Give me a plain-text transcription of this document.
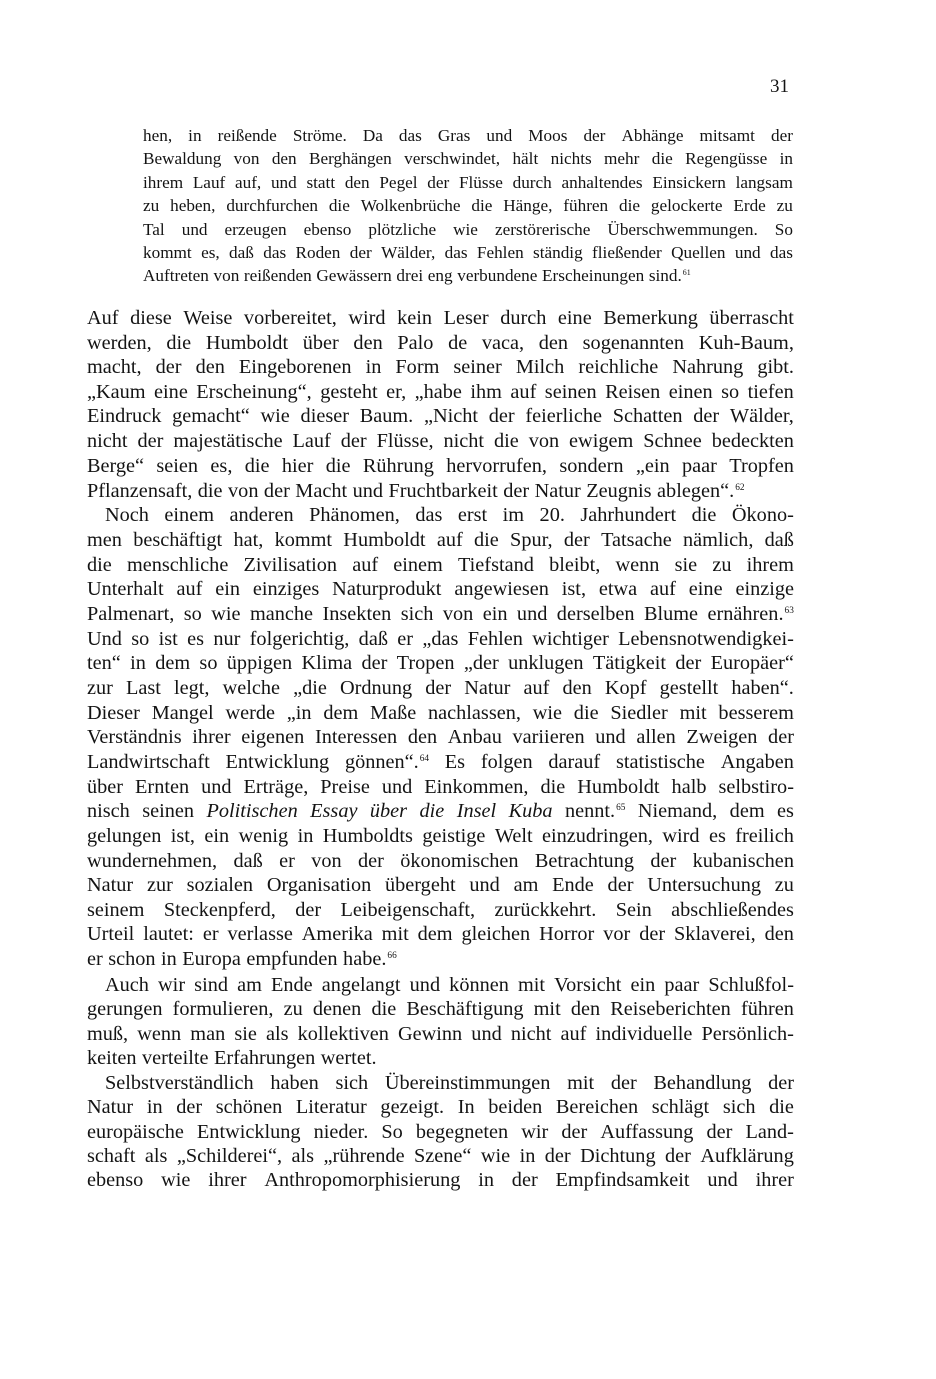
31
hen, in reißende Ströme. Da das Gras und Moos der Abhänge mitsamt der
Bewaldung von den Berghängen verschwindet, hält nichts mehr die Regengüsse in
ihrem Lauf auf, und statt den Pegel der Flüsse durch anhaltendes Einsickern langsam
zu heben, durchfurchen die Wolkenbrüche die Hänge, führen die gelockerte Erde zu
Tal und erzeugen ebenso plötzliche wie zerstörerische Überschwemmungen. So
kommt es, daß das Roden der Wälder, das Fehlen ständig fließender Quellen und das
Auftreten von reißenden Gewässern drei eng verbundene Erscheinungen sind.$^{61}$
Auf diese Weise vorbereitet, wird kein Leser durch eine Bemerkung überrascht
werden, die Humboldt über den Palo de vaca, den sogenannten Kuh-Baum,
macht, der den Eingeborenen in Form seiner Milch reichliche Nahrung gibt.
„Kaum eine Erscheinung“, gesteht er, „habe ihm auf seinen Reisen einen so tiefen
Eindruck gemacht“ wie dieser Baum. „Nicht der feierliche Schatten der Wälder,
nicht der majestätische Lauf der Flüsse, nicht die von ewigem Schnee bedeckten
Berge“ seien es, die hier die Rührung hervorrufen, sondern „ein paar Tropfen
Pflanzensaft, die von der Macht und Fruchtbarkeit der Natur Zeugnis ablegen“.$^{62}$
Noch einem anderen Phänomen, das erst im 20. Jahrhundert die Ökono-
men beschäftigt hat, kommt Humboldt auf die Spur, der Tatsache nämlich, daß
die menschliche Zivilisation auf einem Tiefstand bleibt, wenn sie zu ihrem
Unterhalt auf ein einziges Naturprodukt angewiesen ist, etwa auf eine einzige
Palmenart, so wie manche Insekten sich von ein und derselben Blume ernähren.$^{63}$
Und so ist es nur folgerichtig, daß er „das Fehlen wichtiger Lebensnotwendigkei-
ten“ in dem so üppigen Klima der Tropen „der unklugen Tätigkeit der Europäer“
zur Last legt, welche „die Ordnung der Natur auf den Kopf gestellt haben“.
Dieser Mangel werde „in dem Maße nachlassen, wie die Siedler mit besserem
Verständnis ihrer eigenen Interessen den Anbau variieren und allen Zweigen der
Landwirtschaft Entwicklung gönnen“.$^{64}$ Es folgen darauf statistische Angaben
über Ernten und Erträge, Preise und Einkommen, die Humboldt halb selbstiro-
nisch seinen Politischen Essay über die Insel Kuba nennt.$^{65}$ Niemand, dem es
gelungen ist, ein wenig in Humboldts geistige Welt einzudringen, wird es freilich
wundernehmen, daß er von der ökonomischen Betrachtung der kubanischen
Natur zur sozialen Organisation übergeht und am Ende der Untersuchung zu
seinem Steckenpferd, der Leibeigenschaft, zurückkehrt. Sein abschließendes
Urteil lautet: er verlasse Amerika mit dem gleichen Horror vor der Sklaverei, den
er schon in Europa empfunden habe.$^{66}$
Auch wir sind am Ende angelangt und können mit Vorsicht ein paar Schlußfol-
gerungen formulieren, zu denen die Beschäftigung mit den Reiseberichten führen
muß, wenn man sie als kollektiven Gewinn und nicht auf individuelle Persönlich-
keiten verteilte Erfahrungen wertet.
Selbstverständlich haben sich Übereinstimmungen mit der Behandlung der
Natur in der schönen Literatur gezeigt. In beiden Bereichen schlägt sich die
europäische Entwicklung nieder. So begegneten wir der Auffassung der Land-
schaft als „Schilderei“, als „rührende Szene“ wie in der Dichtung der Aufklärung
ebenso wie ihrer Anthropomorphisierung in der Empfindsamkeit und ihrer
